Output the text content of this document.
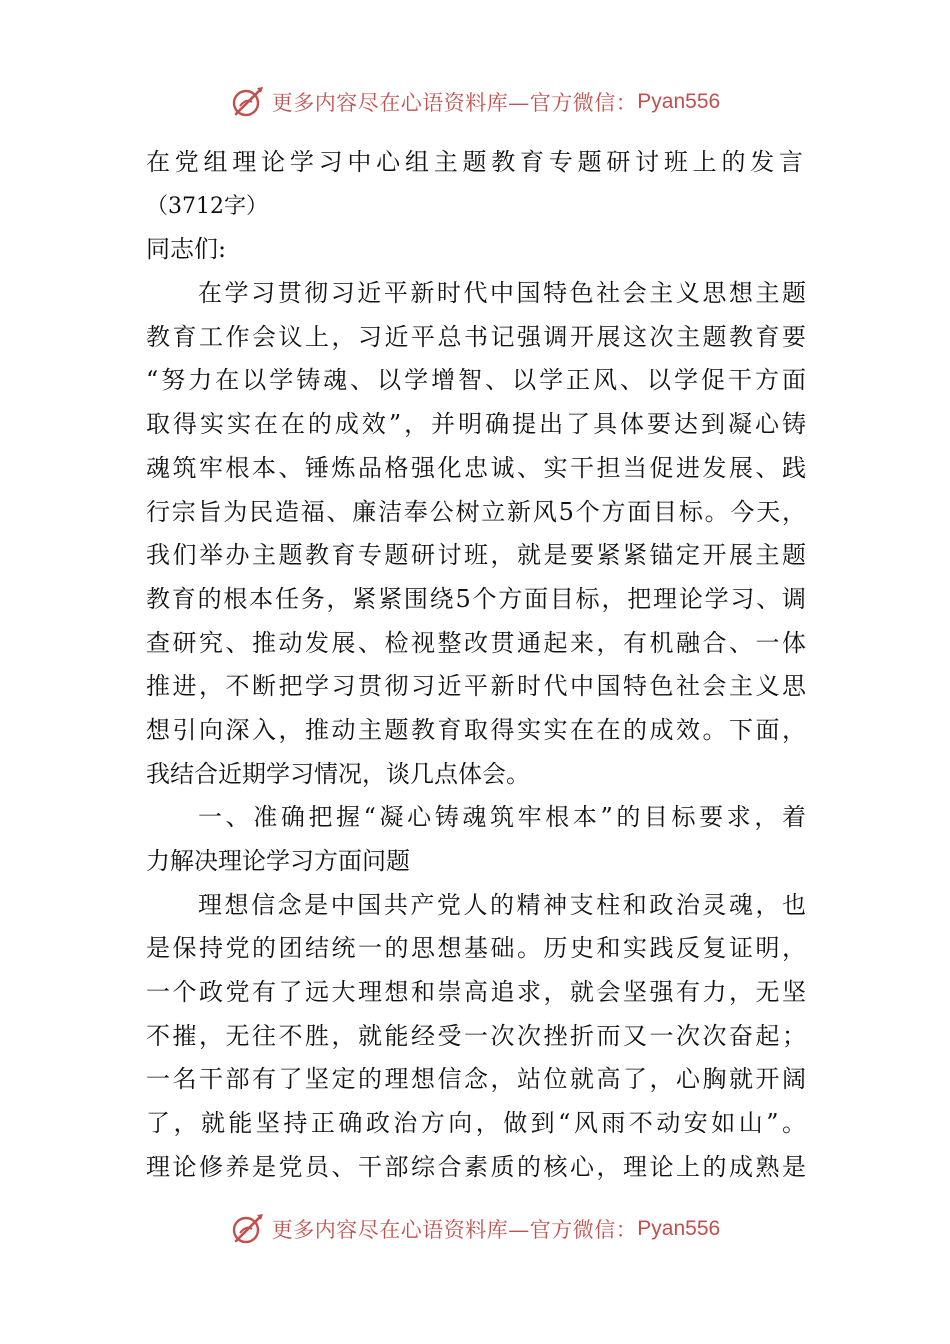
更多内容尽在心语资料库—官方微信： Pyan556
在党组理论学习中心组主题教育专题研讨班上的发言
（3712字）
同志们:
在学习贯彻习近平新时代中国特色社会主义思想主题
教育工作会议上，习近平总书记强调开展这次主题教育要
“努力在以学铸魂、以学增智、以学正风、以学促干方面
取得实实在在的成效”，并明确提出了具体要达到凝心铸
魂筑牢根本、锤炼品格强化忠诚、实干担当促进发展、践
行宗旨为民造福、廉洁奉公树立新风5个方面目标。今天，
我们举办主题教育专题研讨班，就是要紧紧锚定开展主题
教育的根本任务，紧紧围绕5个方面目标，把理论学习、调
查研究、推动发展、检视整改贯通起来，有机融合、一体
推进，不断把学习贯彻习近平新时代中国特色社会主义思
想引向深入，推动主题教育取得实实在在的成效。下面，
我结合近期学习情况，谈几点体会。
一、准确把握“凝心铸魂筑牢根本”的目标要求，着
力解决理论学习方面问题
理想信念是中国共产党人的精神支柱和政治灵魂，也
是保持党的团结统一的思想基础。历史和实践反复证明，
一个政党有了远大理想和崇高追求，就会坚强有力，无坚
不摧，无往不胜，就能经受一次次挫折而又一次次奋起；
一名干部有了坚定的理想信念，站位就高了，心胸就开阔
了，就能坚持正确政治方向，做到“风雨不动安如山”。
理论修养是党员、干部综合素质的核心，理论上的成熟是
更多内容尽在心语资料库—官方微信： Pyan556
